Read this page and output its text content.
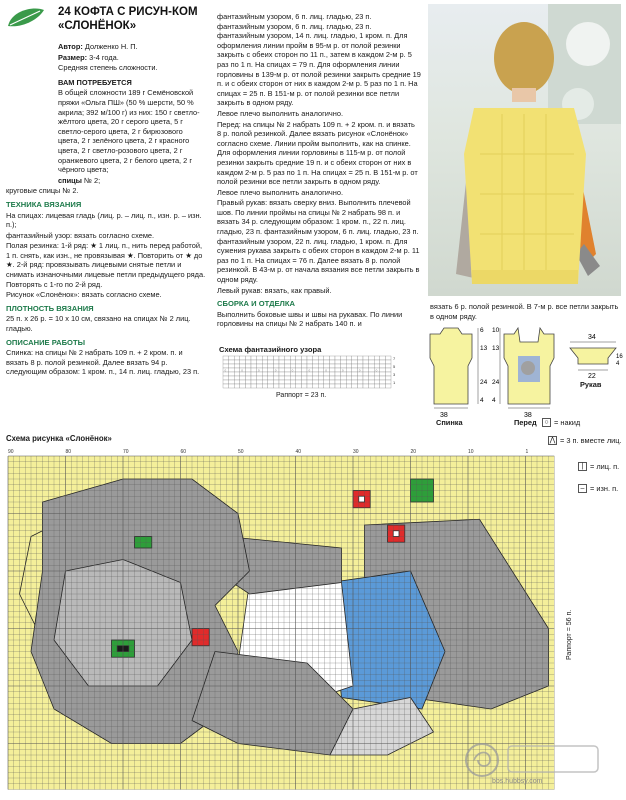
24 КОФТА С РИСУН-КОМ «СЛОНЁНОК»

Автор: Долженко Н. П.

Размер: 3-4 года.

Средняя степень сложности.

ВАМ ПОТРЕБУЕТСЯ

В общей сложности 189 г Семёновской пряжи «Ольга ПШ» (50 % шерсти, 50 % акрила; 392 м/100 г) из них: 150 г светло-жёлтого цвета, 20 г серого цвета, 5 г светло-серого цвета, 2 г бирюзового цвета, 2 г зелёного цвета, 2 г красного цвета, 2 г светло-розового цвета, 2 г оранжевого цвета, 2 г белого цвета, 2 г чёрного цвета;

спицы № 2;

круговые спицы № 2.

ТЕХНИКА ВЯЗАНИЯ

На спицах: лицевая гладь (лиц. р. – лиц. п., изн. р. – изн. п.);

фантазийный узор: вязать согласно схеме.

Полая резинка: 1-й ряд: ★ 1 лиц. п., нить перед работой, 1 п. снять, как изн., не провязывая ★. Повторить от ★ до ★. 2-й ряд: провязывать лицевыми снятые петли и снимать изнаночными лицевые петли предыдущего ряда. Повторять с 1-го по 2-й ряд.

Рисунок «Слонёнок»: вязать согласно схеме.

ПЛОТНОСТЬ ВЯЗАНИЯ

25 п. х 26 р. = 10 х 10 см, связано на спицах № 2 лиц. гладью.

ОПИСАНИЕ РАБОТЫ

Спинка: на спицы № 2 набрать 109 п. + 2 кром. п. и вязать 8 р. полой резинкой. Далее вязать 94 р. следующим образом: 1 кром. п., 14 п. лиц. гладью, 23 п.

фантазийным узором, 6 п. лиц. гладью, 23 п. фантазийным узором, 6 п. лиц. гладью, 23 п. фантазийным узором, 14 п. лиц. гладью, 1 кром. п. Для оформления линии пройм в 95-м р. от полой резинки закрыть с обеих сторон по 11 п., затем в каждом 2-м р. 5 раз по 1 п. На спицах = 79 п. Для оформления линии горловины в 139-м р. от полой резинки закрыть средние 19 п. и с обеих сторон от них в каждом 2-м р. 5 раз по 1 п. На спицах = 25 п. В 151-м р. от полой резинки все петли закрыть в одном ряду.

Левое плечо выполнить аналогично.

Перед: на спицы № 2 набрать 109 п. + 2 кром. п. и вязать 8 р. полой резинкой. Далее вязать рисунок «Слонёнок» согласно схеме. Линии пройм выполнить, как на спинке. Для оформления линии горловины в 115-м р. от полой резинки закрыть средние 19 п. и с обеих сторон от них в каждом 2-м р. 5 раз по 1 п. На спицах = 25 п. В 151-м р. от полой резинки все петли закрыть в одном ряду.

Левое плечо выполнить аналогично.

Правый рукав: вязать сверху вниз. Выполнить плечевой шов. По линии проймы на спицы № 2 набрать 98 п. и вязать 34 р. следующим образом: 1 кром. п., 22 п. лиц. гладью, 23 п. фантазийным узором, 6 п. лиц. гладью, 23 п. фантазийным узором, 22 п. лиц. гладью, 1 кром. п. Для сужения рукава закрыть с обеих сторон в каждом 2-м р. 11 раз по 1 п. На спицах = 76 п. Далее вязать 8 р. полой резинкой. В 43-м р. от начала вязания все петли закрыть в одном ряду.

Левый рукав: вязать, как правый.

СБОРКА И ОТДЕЛКА

Выполнить боковые швы и швы на рукавах. По линии горловины на спицы № 2 набрать 140 п. и

вязать 6 р. полой резинкой. В 7-м р. все петли закрыть в одном ряду.
38
6
13
24
4
38
10
13
24
4
34
22
16
4
Спинка	Перед
Рукав
Схема фантазийного узора
○	○	○	○	○	○	○	○	○	○
7
5
3
1
Раппорт = 23 п.
○ = накид
⋀ = 3 п. вместе лиц.
| = лиц. п.
– = изн. п.
Схема рисунка «Слонёнок»
90	80	70	60	50	40	30	20	10	1
Раппорт = 56 п.
bbs.hubbsy.com
